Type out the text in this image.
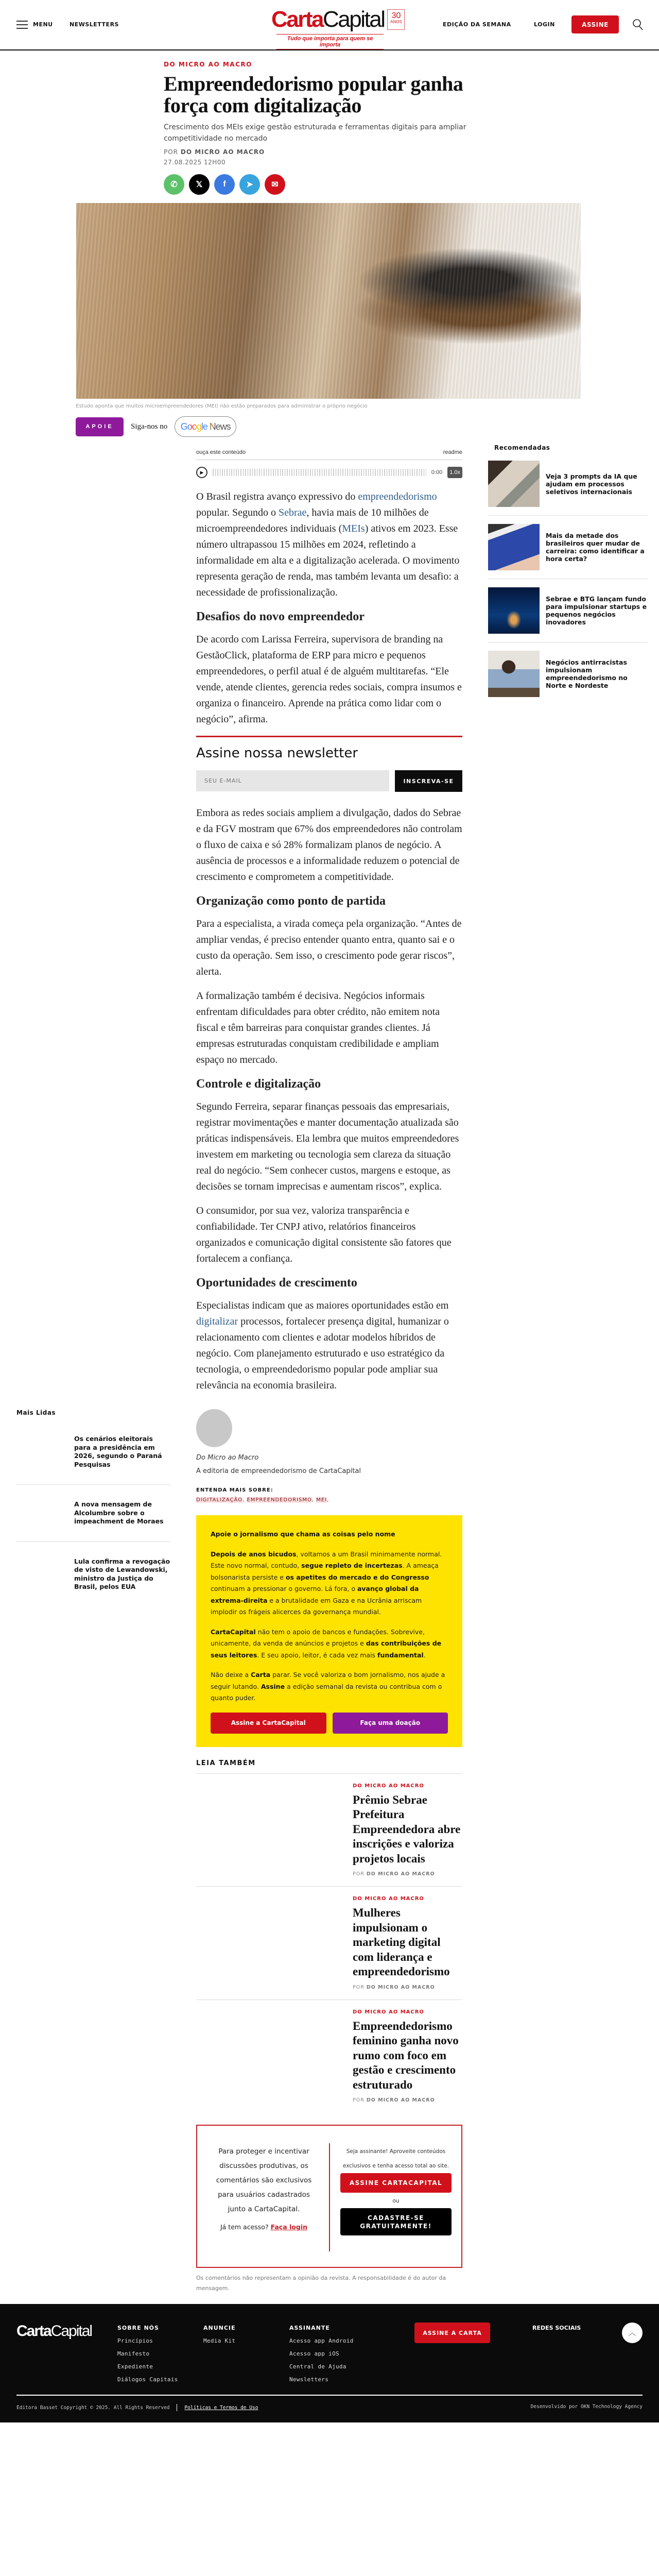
MENU	NEWSLETTERS	CartaCapital 30
ANOS
Tudo que importa para quem se importa
EDIÇÃO DA SEMANA	LOGIN	ASSINE
DO MICRO AO MACRO
Empreendedorismo popular ganha força com digitalização

Crescimento dos MEIs exige gestão estruturada e ferramentas digitais para ampliar competitividade no mercado

POR DO MICRO AO MACRO
27.08.2025 12H00
✆ 𝕏 f ➤ ✉
Estudo aponta que muitos microempreendedores (MEI) não estão preparados para administrar o próprio negócio
APOIE	Siga-nos no Google News
Recomendadas
Veja 3 prompts da IA que ajudam em processos seletivos internacionais
Mais da metade dos brasileiros quer mudar de carreira: como identificar a hora certa?
Sebrae e BTG lançam fundo para impulsionar startups e pequenos negócios inovadores
Negócios antirracistas impulsionam empreendedorismo no Norte e Nordeste
ouça este conteúdo	readme
▶	0:00	1.0x

O Brasil registra avanço expressivo do empreendedorismo popular. Segundo o Sebrae, havia mais de 10 milhões de microempreendedores individuais (MEIs) ativos em 2023. Esse número ultrapassou 15 milhões em 2024, refletindo a informalidade em alta e a digitalização acelerada. O movimento representa geração de renda, mas também levanta um desafio: a necessidade de profissionalização.

Desafios do novo empreendedor

De acordo com Larissa Ferreira, supervisora de branding na GestãoClick, plataforma de ERP para micro e pequenos empreendedores, o perfil atual é de alguém multitarefas. “Ele vende, atende clientes, gerencia redes sociais, compra insumos e organiza o financeiro. Aprende na prática como lidar com o negócio”, afirma.

Assine nossa newsletter
SEU E-MAIL	INSCREVA-SE

Embora as redes sociais ampliem a divulgação, dados do Sebrae e da FGV mostram que 67% dos empreendedores não controlam o fluxo de caixa e só 28% formalizam planos de negócio. A ausência de processos e a informalidade reduzem o potencial de crescimento e comprometem a competitividade.

Organização como ponto de partida

Para a especialista, a virada começa pela organização. “Antes de ampliar vendas, é preciso entender quanto entra, quanto sai e o custo da operação. Sem isso, o crescimento pode gerar riscos”, alerta.

A formalização também é decisiva. Negócios informais enfrentam dificuldades para obter crédito, não emitem nota fiscal e têm barreiras para conquistar grandes clientes. Já empresas estruturadas conquistam credibilidade e ampliam espaço no mercado.

Controle e digitalização

Segundo Ferreira, separar finanças pessoais das empresariais, registrar movimentações e manter documentação atualizada são práticas indispensáveis. Ela lembra que muitos empreendedores investem em marketing ou tecnologia sem clareza da situação real do negócio. “Sem conhecer custos, margens e estoque, as decisões se tornam imprecisas e aumentam riscos”, explica.

O consumidor, por sua vez, valoriza transparência e confiabilidade. Ter CNPJ ativo, relatórios financeiros organizados e comunicação digital consistente são fatores que fortalecem a confiança.

Oportunidades de crescimento

Especialistas indicam que as maiores oportunidades estão em digitalizar processos, fortalecer presença digital, humanizar o relacionamento com clientes e adotar modelos híbridos de negócio. Com planejamento estruturado e uso estratégico da tecnologia, o empreendedorismo popular pode ampliar sua relevância na economia brasileira.

Mais Lidas
Os cenários eleitorais para a presidência em 2026, segundo o Paraná Pesquisas
A nova mensagem de Alcolumbre sobre o impeachment de Moraes
Lula confirma a revogação de visto de Lewandowski, ministro da Justiça do Brasil, pelos EUA
Do Micro ao Macro
A editoria de empreendedorismo de CartaCapital
ENTENDA MAIS SOBRE:
DIGITALIZAÇÃO, EMPREENDEDORISMO, MEI,
Apoie o jornalismo que chama as coisas pelo nome

Depois de anos bicudos, voltamos a um Brasil minimamente normal. Este novo normal, contudo, segue repleto de incertezas. A ameaça bolsonarista persiste e os apetites do mercado e do Congresso continuam a pressionar o governo. Lá fora, o avanço global da extrema-direita e a brutalidade em Gaza e na Ucrânia arriscam implodir os frágeis alicerces da governança mundial.

CartaCapital não tem o apoio de bancos e fundações. Sobrevive, unicamente, da venda de anúncios e projetos e das contribuições de seus leitores. E seu apoio, leitor, é cada vez mais fundamental.

Não deixe a Carta parar. Se você valoriza o bom jornalismo, nos ajude a seguir lutando. Assine a edição semanal da revista ou contribua com o quanto puder.

Assine a CartaCapital	Faça uma doação
LEIA TAMBÉM
DO MICRO AO MACRO
Prêmio Sebrae Prefeitura Empreendedora abre inscrições e valoriza projetos locais
POR DO MICRO AO MACRO
DO MICRO AO MACRO
Mulheres impulsionam o marketing digital com liderança e empreendedorismo
POR DO MICRO AO MACRO
DO MICRO AO MACRO
Empreendedorismo feminino ganha novo rumo com foco em gestão e crescimento estruturado
POR DO MICRO AO MACRO
Para proteger e incentivar discussões produtivas, os comentários são exclusivos para usuários cadastrados junto a CartaCapital.
Já tem acesso? Faça login
Seja assinante! Aproveite conteúdos exclusivos e tenha acesso total ao site.
ASSINE CARTACAPITAL
ou
CADASTRE-SE GRATUITAMENTE!
Os comentários não representam a opinião da revista. A responsabilidade é do autor da mensagem.
CartaCapital	SOBRE NÓS
Princípios
Manifesto
Expediente
Diálogos Capitais
ANUNCIE
Media Kit
ASSINANTE
Acesso app Android
Acesso app iOS
Central de Ajuda
Newsletters
ASSINE A CARTA
REDES SOCIAIS
︿
Editora Basset Copyright © 2025. All Rights Reserved	Políticas e Termos de Uso	Desenvolvido por OKN Technology Agency
